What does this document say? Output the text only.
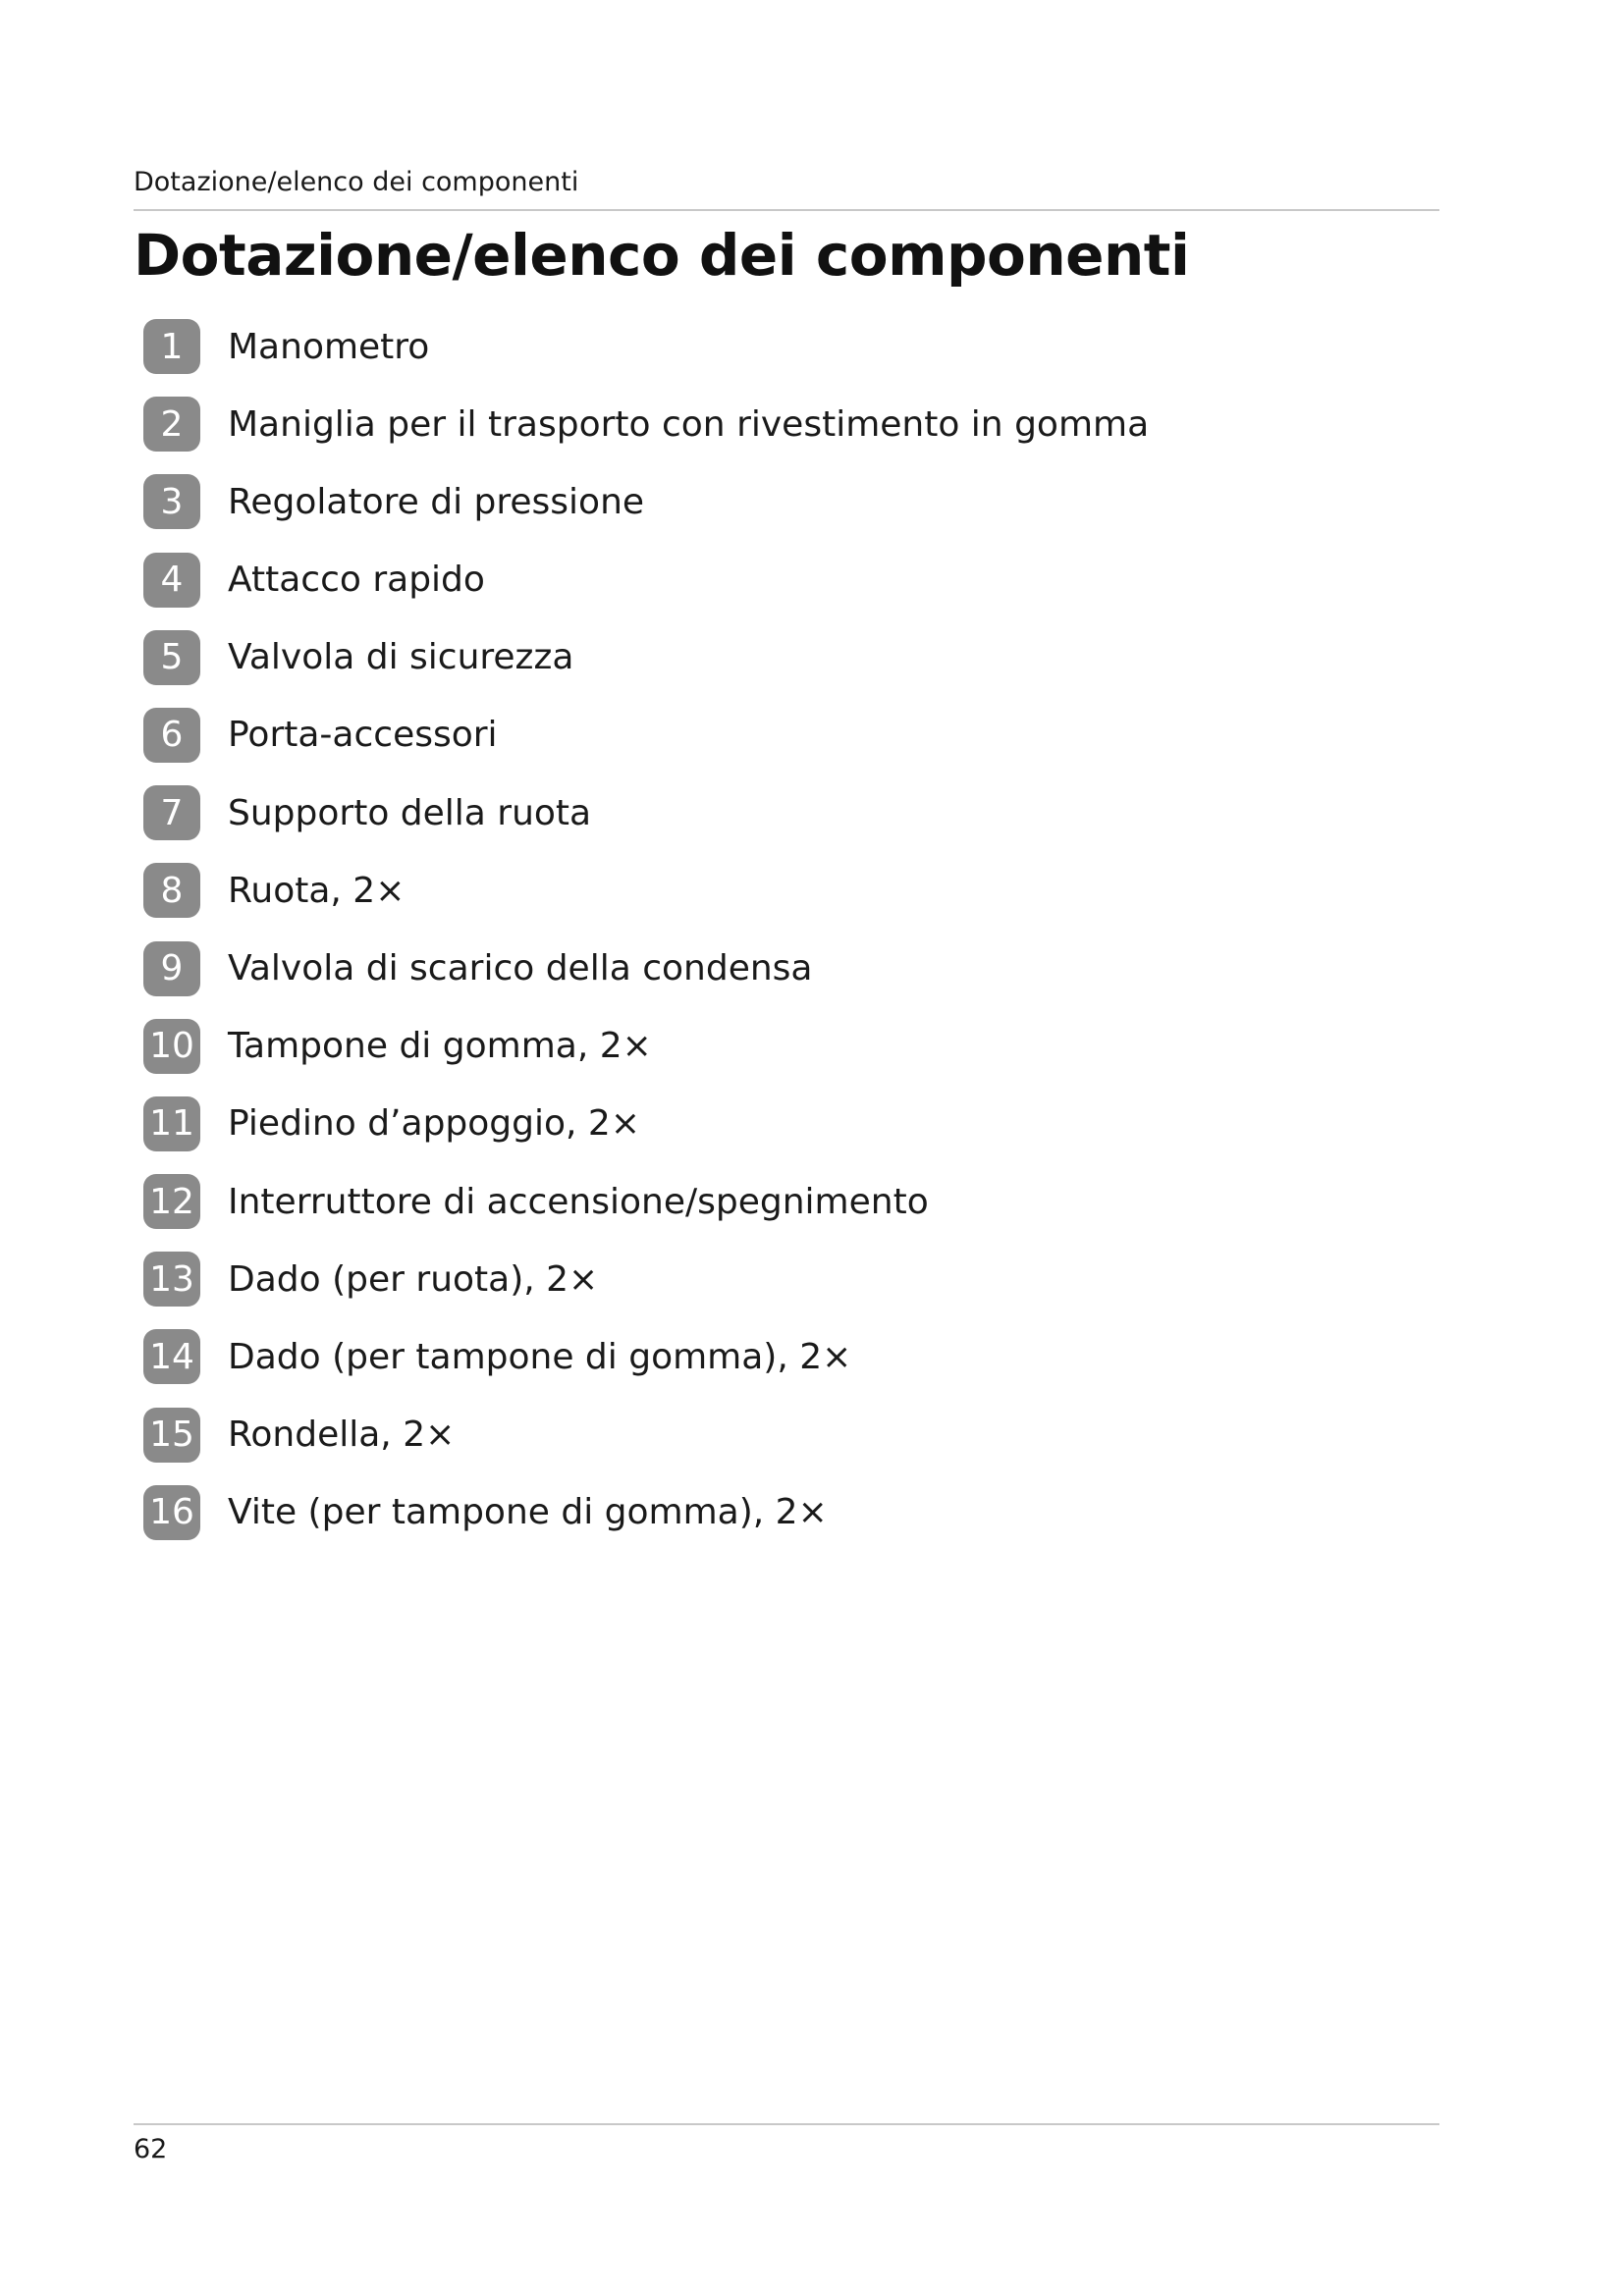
Dotazione/elenco dei componenti
Dotazione/elenco dei componenti
1	Manometro
2	Maniglia per il trasporto con rivestimento in gomma
3	Regolatore di pressione
4	Attacco rapido
5	Valvola di sicurezza
6	Porta-accessori
7	Supporto della ruota
8	Ruota, 2×
9	Valvola di scarico della condensa
10 Tampone di gomma, 2×
11 Piedino d’appoggio, 2×
12 Interruttore di accensione/spegnimento
13 Dado (per ruota), 2×
14 Dado (per tampone di gomma), 2×
15 Rondella, 2×
16 Vite (per tampone di gomma), 2×
62
